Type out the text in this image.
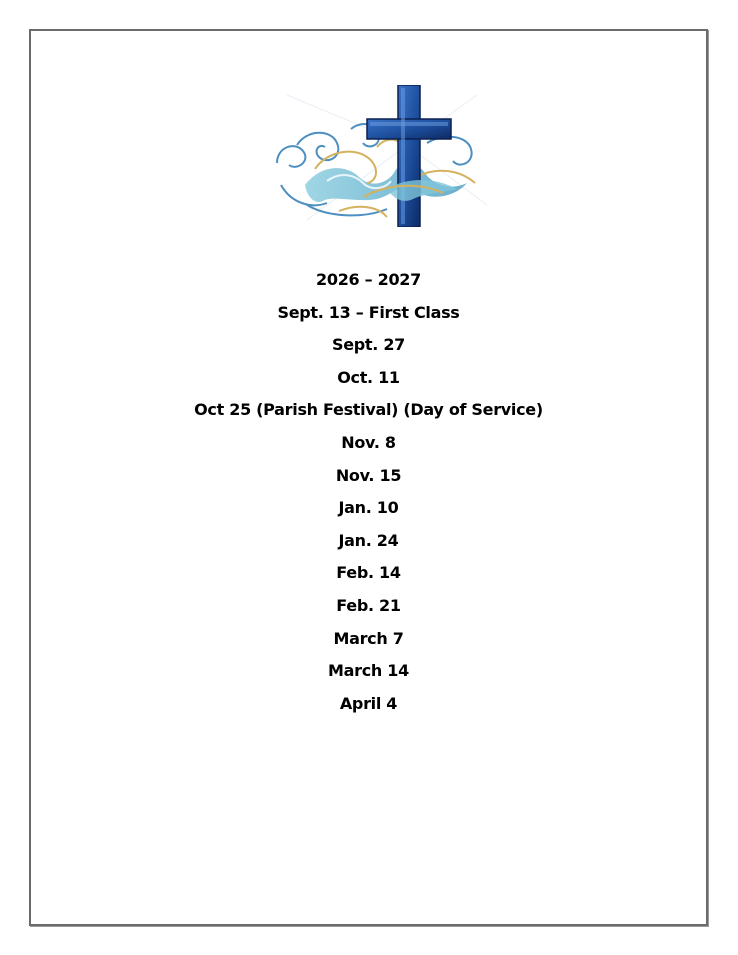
2026 – 2027
Sept. 13 – First Class
Sept. 27
Oct. 11
Oct 25 (Parish Festival) (Day of Service)
Nov. 8
Nov. 15
Jan. 10
Jan. 24
Feb. 14
Feb. 21
March 7
March 14
April 4
